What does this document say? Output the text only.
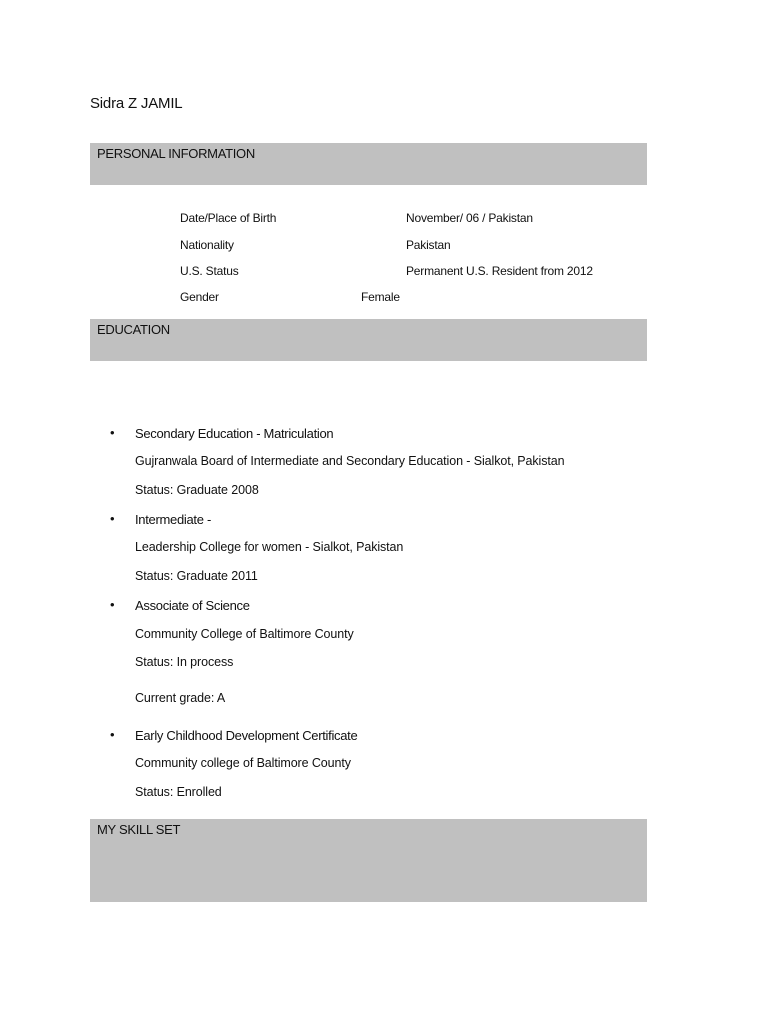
Sidra Z JAMIL
PERSONAL INFORMATION
Date/Place of Birth	November/ 06 / Pakistan
Nationality	Pakistan
U.S. Status	Permanent U.S. Resident from 2012
Gender	Female
EDUCATION
• Secondary Education - Matriculation
Gujranwala Board of Intermediate and Secondary Education - Sialkot, Pakistan
Status: Graduate 2008
• Intermediate -
Leadership College for women - Sialkot, Pakistan
Status: Graduate 2011
• Associate of Science
Community College of Baltimore County
Status: In process
Current grade: A
• Early Childhood Development Certificate
Community college of Baltimore County
Status: Enrolled
MY SKILL SET
